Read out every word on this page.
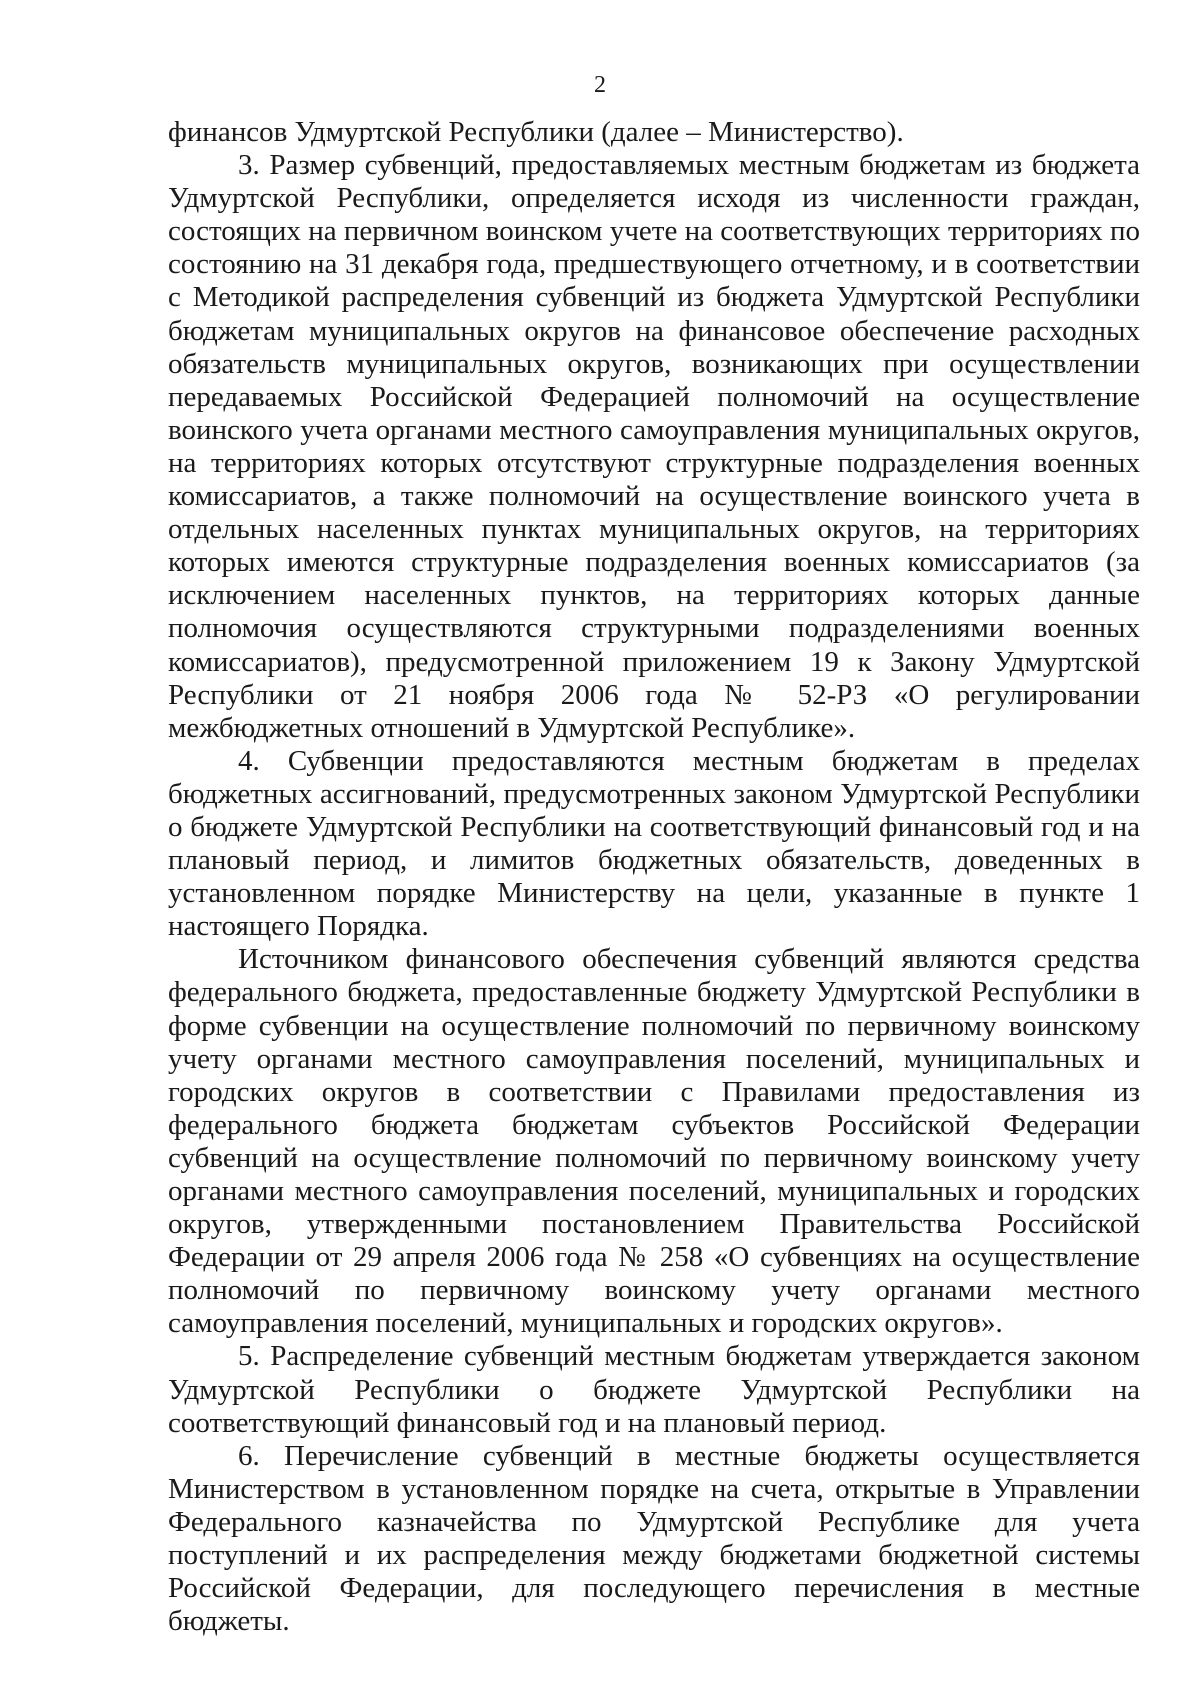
2

финансов Удмуртской Республики (далее – Министерство).

3. Размер субвенций, предоставляемых местным бюджетам из бюджета Удмуртской Республики, определяется исходя из численности граждан, состоящих на первичном воинском учете на соответствующих территориях по состоянию на 31 декабря года, предшествующего отчетному, и в соответствии с Методикой распределения субвенций из бюджета Удмуртской Республики бюджетам муниципальных округов на финансовое обеспечение расходных обязательств муниципальных округов, возникающих при осуществлении передаваемых Российской Федерацией полномочий на осуществление воинского учета органами местного самоуправления муниципальных округов, на территориях которых отсутствуют структурные подразделения военных комиссариатов, а также полномочий на осуществление воинского учета в отдельных населенных пунктах муниципальных округов, на территориях которых имеются структурные подразделения военных комиссариатов (за исключением населенных пунктов, на территориях которых данные полномочия осуществляются структурными подразделениями военных комиссариатов), предусмотренной приложением 19 к Закону Удмуртской Республики от 21 ноября 2006 года № 52-РЗ «О регулировании межбюджетных отношений в Удмуртской Республике».

4. Субвенции предоставляются местным бюджетам в пределах бюджетных ассигнований, предусмотренных законом Удмуртской Республики о бюджете Удмуртской Республики на соответствующий финансовый год и на плановый период, и лимитов бюджетных обязательств, доведенных в установленном порядке Министерству на цели, указанные в пункте 1 настоящего Порядка.

Источником финансового обеспечения субвенций являются средства федерального бюджета, предоставленные бюджету Удмуртской Республики в форме субвенции на осуществление полномочий по первичному воинскому учету органами местного самоуправления поселений, муниципальных и городских округов в соответствии с Правилами предоставления из федерального бюджета бюджетам субъектов Российской Федерации субвенций на осуществление полномочий по первичному воинскому учету органами местного самоуправления поселений, муниципальных и городских округов, утвержденными постановлением Правительства Российской Федерации от 29 апреля 2006 года № 258 «О субвенциях на осуществление полномочий по первичному воинскому учету органами местного самоуправления поселений, муниципальных и городских округов».

5. Распределение субвенций местным бюджетам утверждается законом Удмуртской Республики о бюджете Удмуртской Республики на соответствующий финансовый год и на плановый период.

6. Перечисление субвенций в местные бюджеты осуществляется Министерством в установленном порядке на счета, открытые в Управлении Федерального казначейства по Удмуртской Республике для учета поступлений и их распределения между бюджетами бюджетной системы Российской Федерации, для последующего перечисления в местные бюджеты.
